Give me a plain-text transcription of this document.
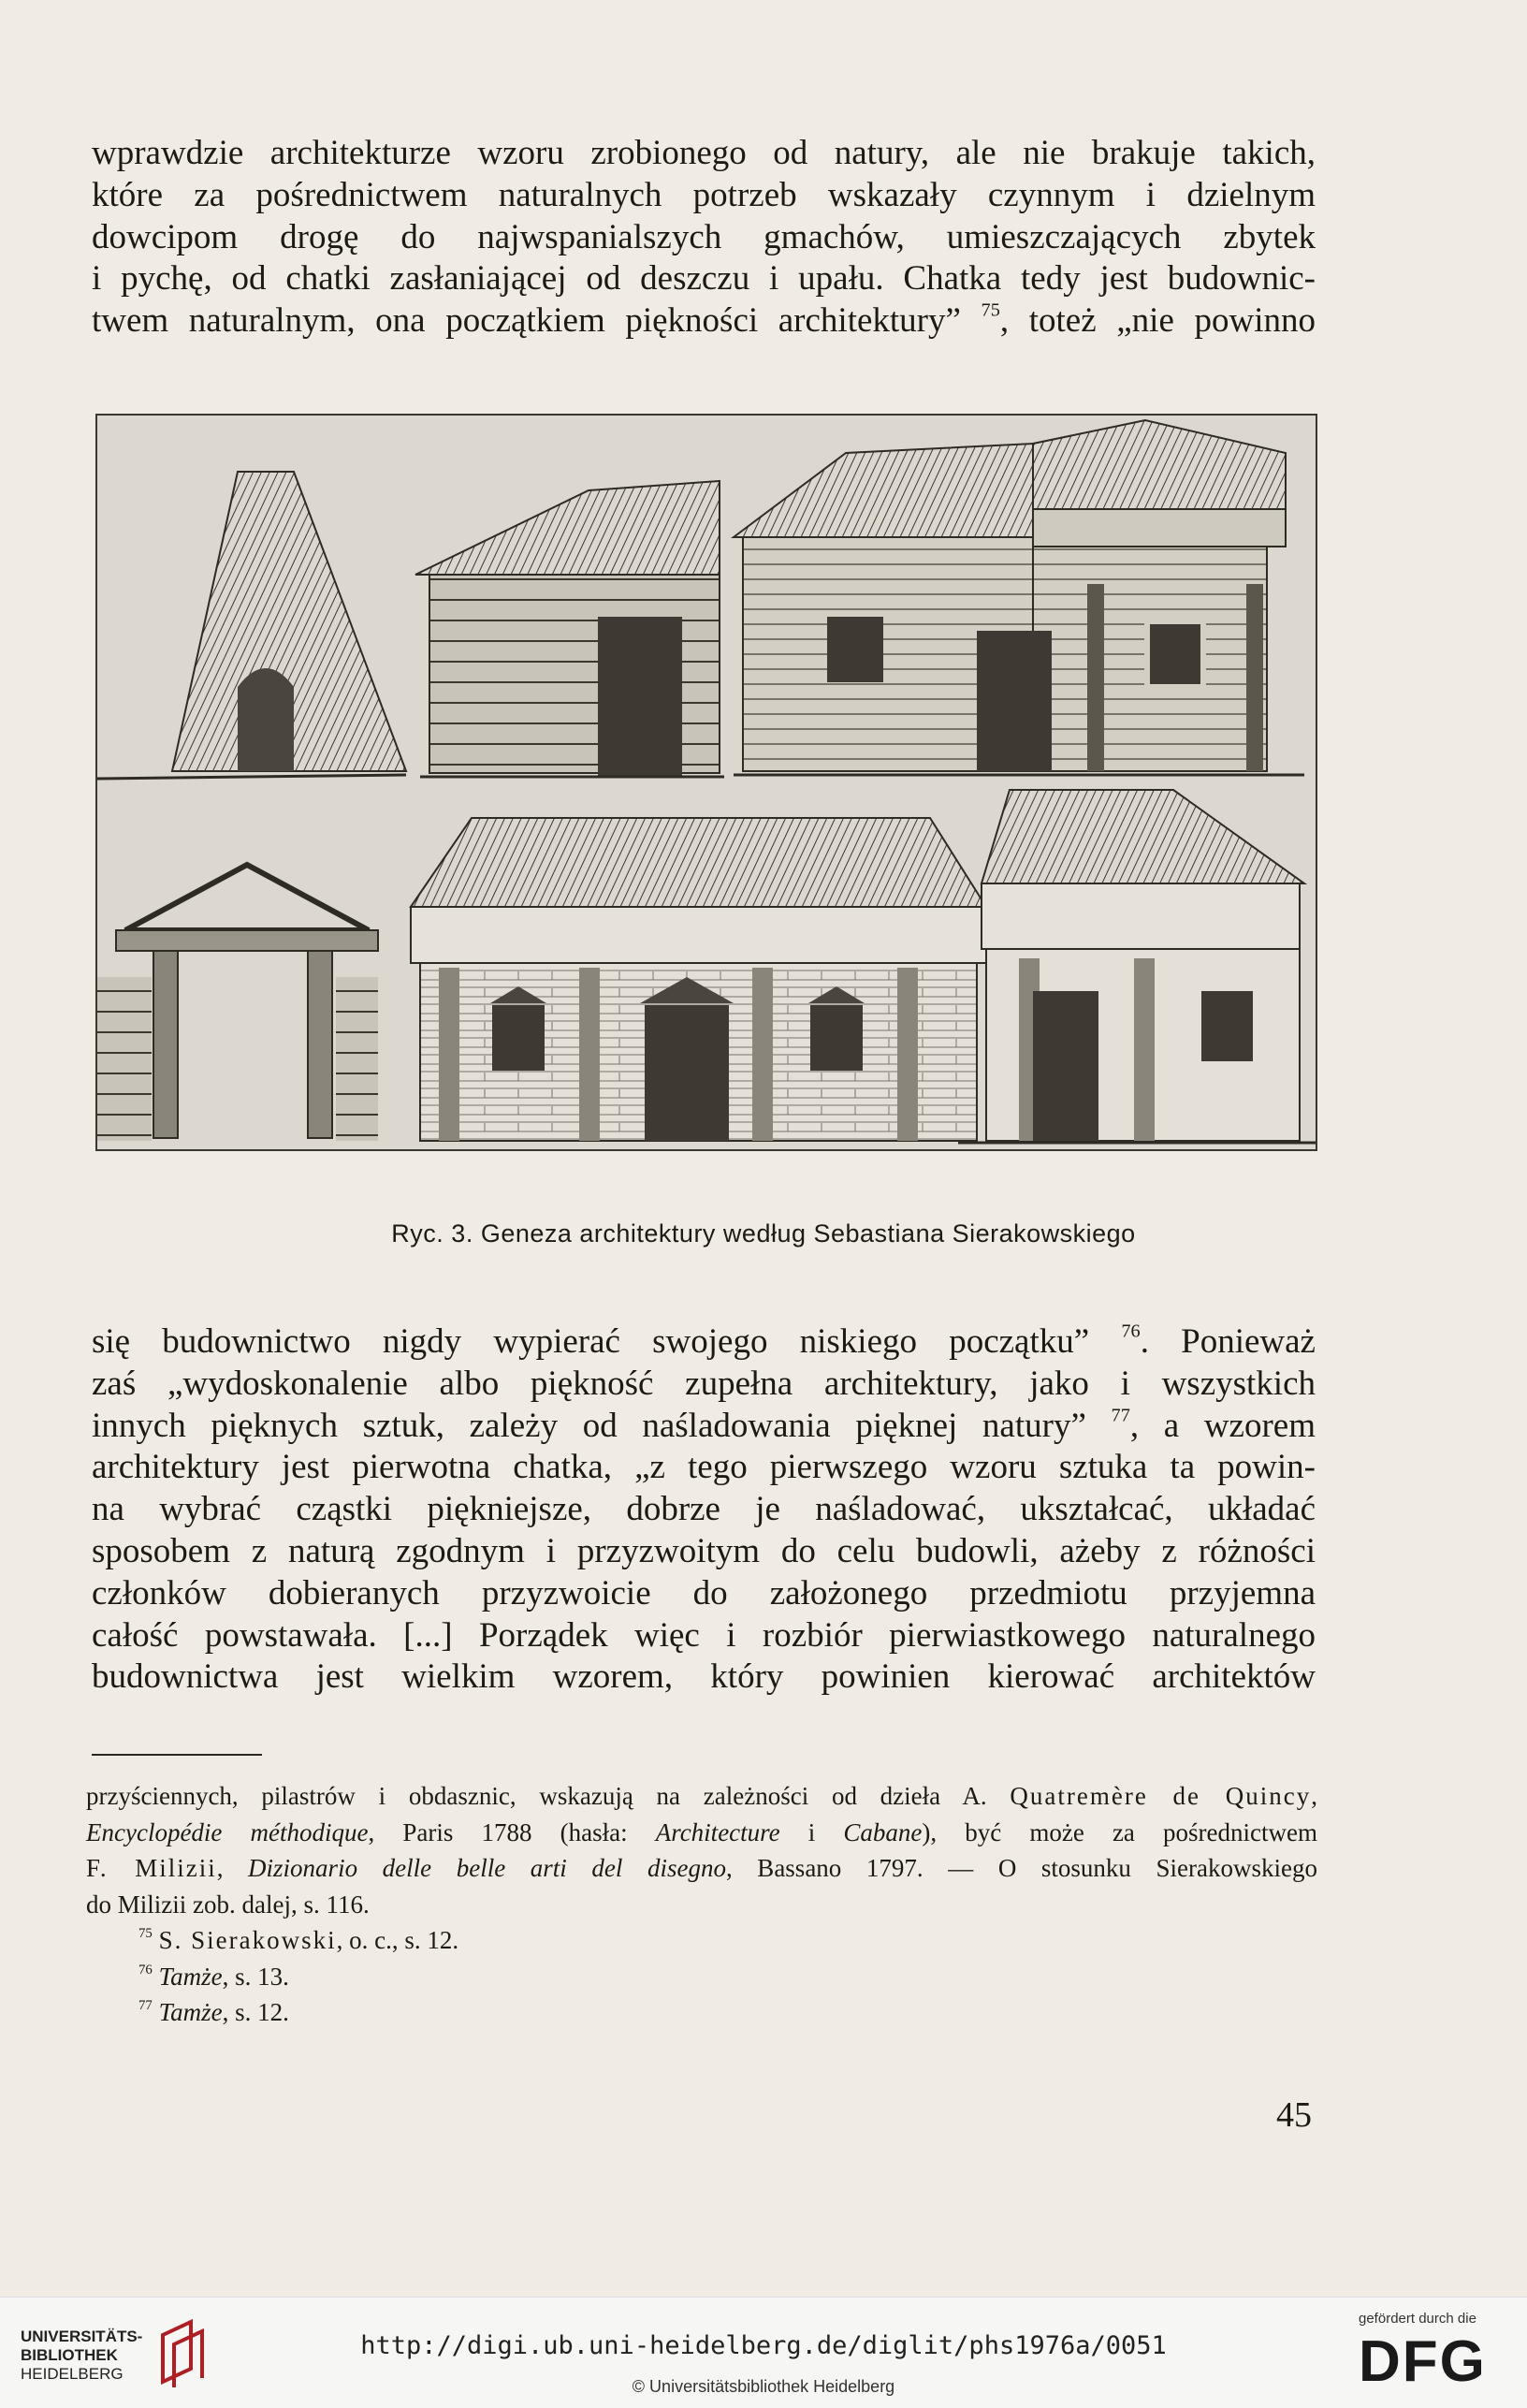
wprawdzie architekturze wzoru zrobionego od natury, ale nie brakuje takich,
które za pośrednictwem naturalnych potrzeb wskazały czynnym i dzielnym
dowcipom drogę do najwspanialszych gmachów, umieszczających zbytek
i pychę, od chatki zasłaniającej od deszczu i upału. Chatka tedy jest budownic-
twem naturalnym, ona początkiem piękności architektury” $^{75}$, toteż „nie powinno
Ryc. 3. Geneza architektury według Sebastiana Sierakowskiego
się budownictwo nigdy wypierać swojego niskiego początku” $^{76}$. Ponieważ
zaś „wydoskonalenie albo piękność zupełna architektury, jako i wszystkich
innych pięknych sztuk, zależy od naśladowania pięknej natury” $^{77}$, a wzorem
architektury jest pierwotna chatka, „z tego pierwszego wzoru sztuka ta powin-
na wybrać cząstki piękniejsze, dobrze je naśladować, ukształcać, układać
sposobem z naturą zgodnym i przyzwoitym do celu budowli, ażeby z różności
członków dobieranych przyzwoicie do założonego przedmiotu przyjemna
całość powstawała. [...] Porządek więc i rozbiór pierwiastkowego naturalnego
budownictwa jest wielkim wzorem, który powinien kierować architektów
przyściennych, pilastrów i obdasznic, wskazują na zależności od dzieła A. Quatremère de Quincy,
Encyclopédie méthodique, Paris 1788 (hasła: Architecture i Cabane), być może za pośrednictwem
F. Milizii, Dizionario delle belle arti del disegno, Bassano 1797. — O stosunku Sierakowskiego
do Milizii zob. dalej, s. 116.
$^{75}$ S. Sierakowski, o. c., s. 12.
$^{76}$ Tamże, s. 13.
$^{77}$ Tamże, s. 12.
45
UNIVERSITÄTS-
BIBLIOTHEK
HEIDELBERG
http://digi.ub.uni-heidelberg.de/diglit/phs1976a/0051
© Universitätsbibliothek Heidelberg
gefördert durch die
DFG
